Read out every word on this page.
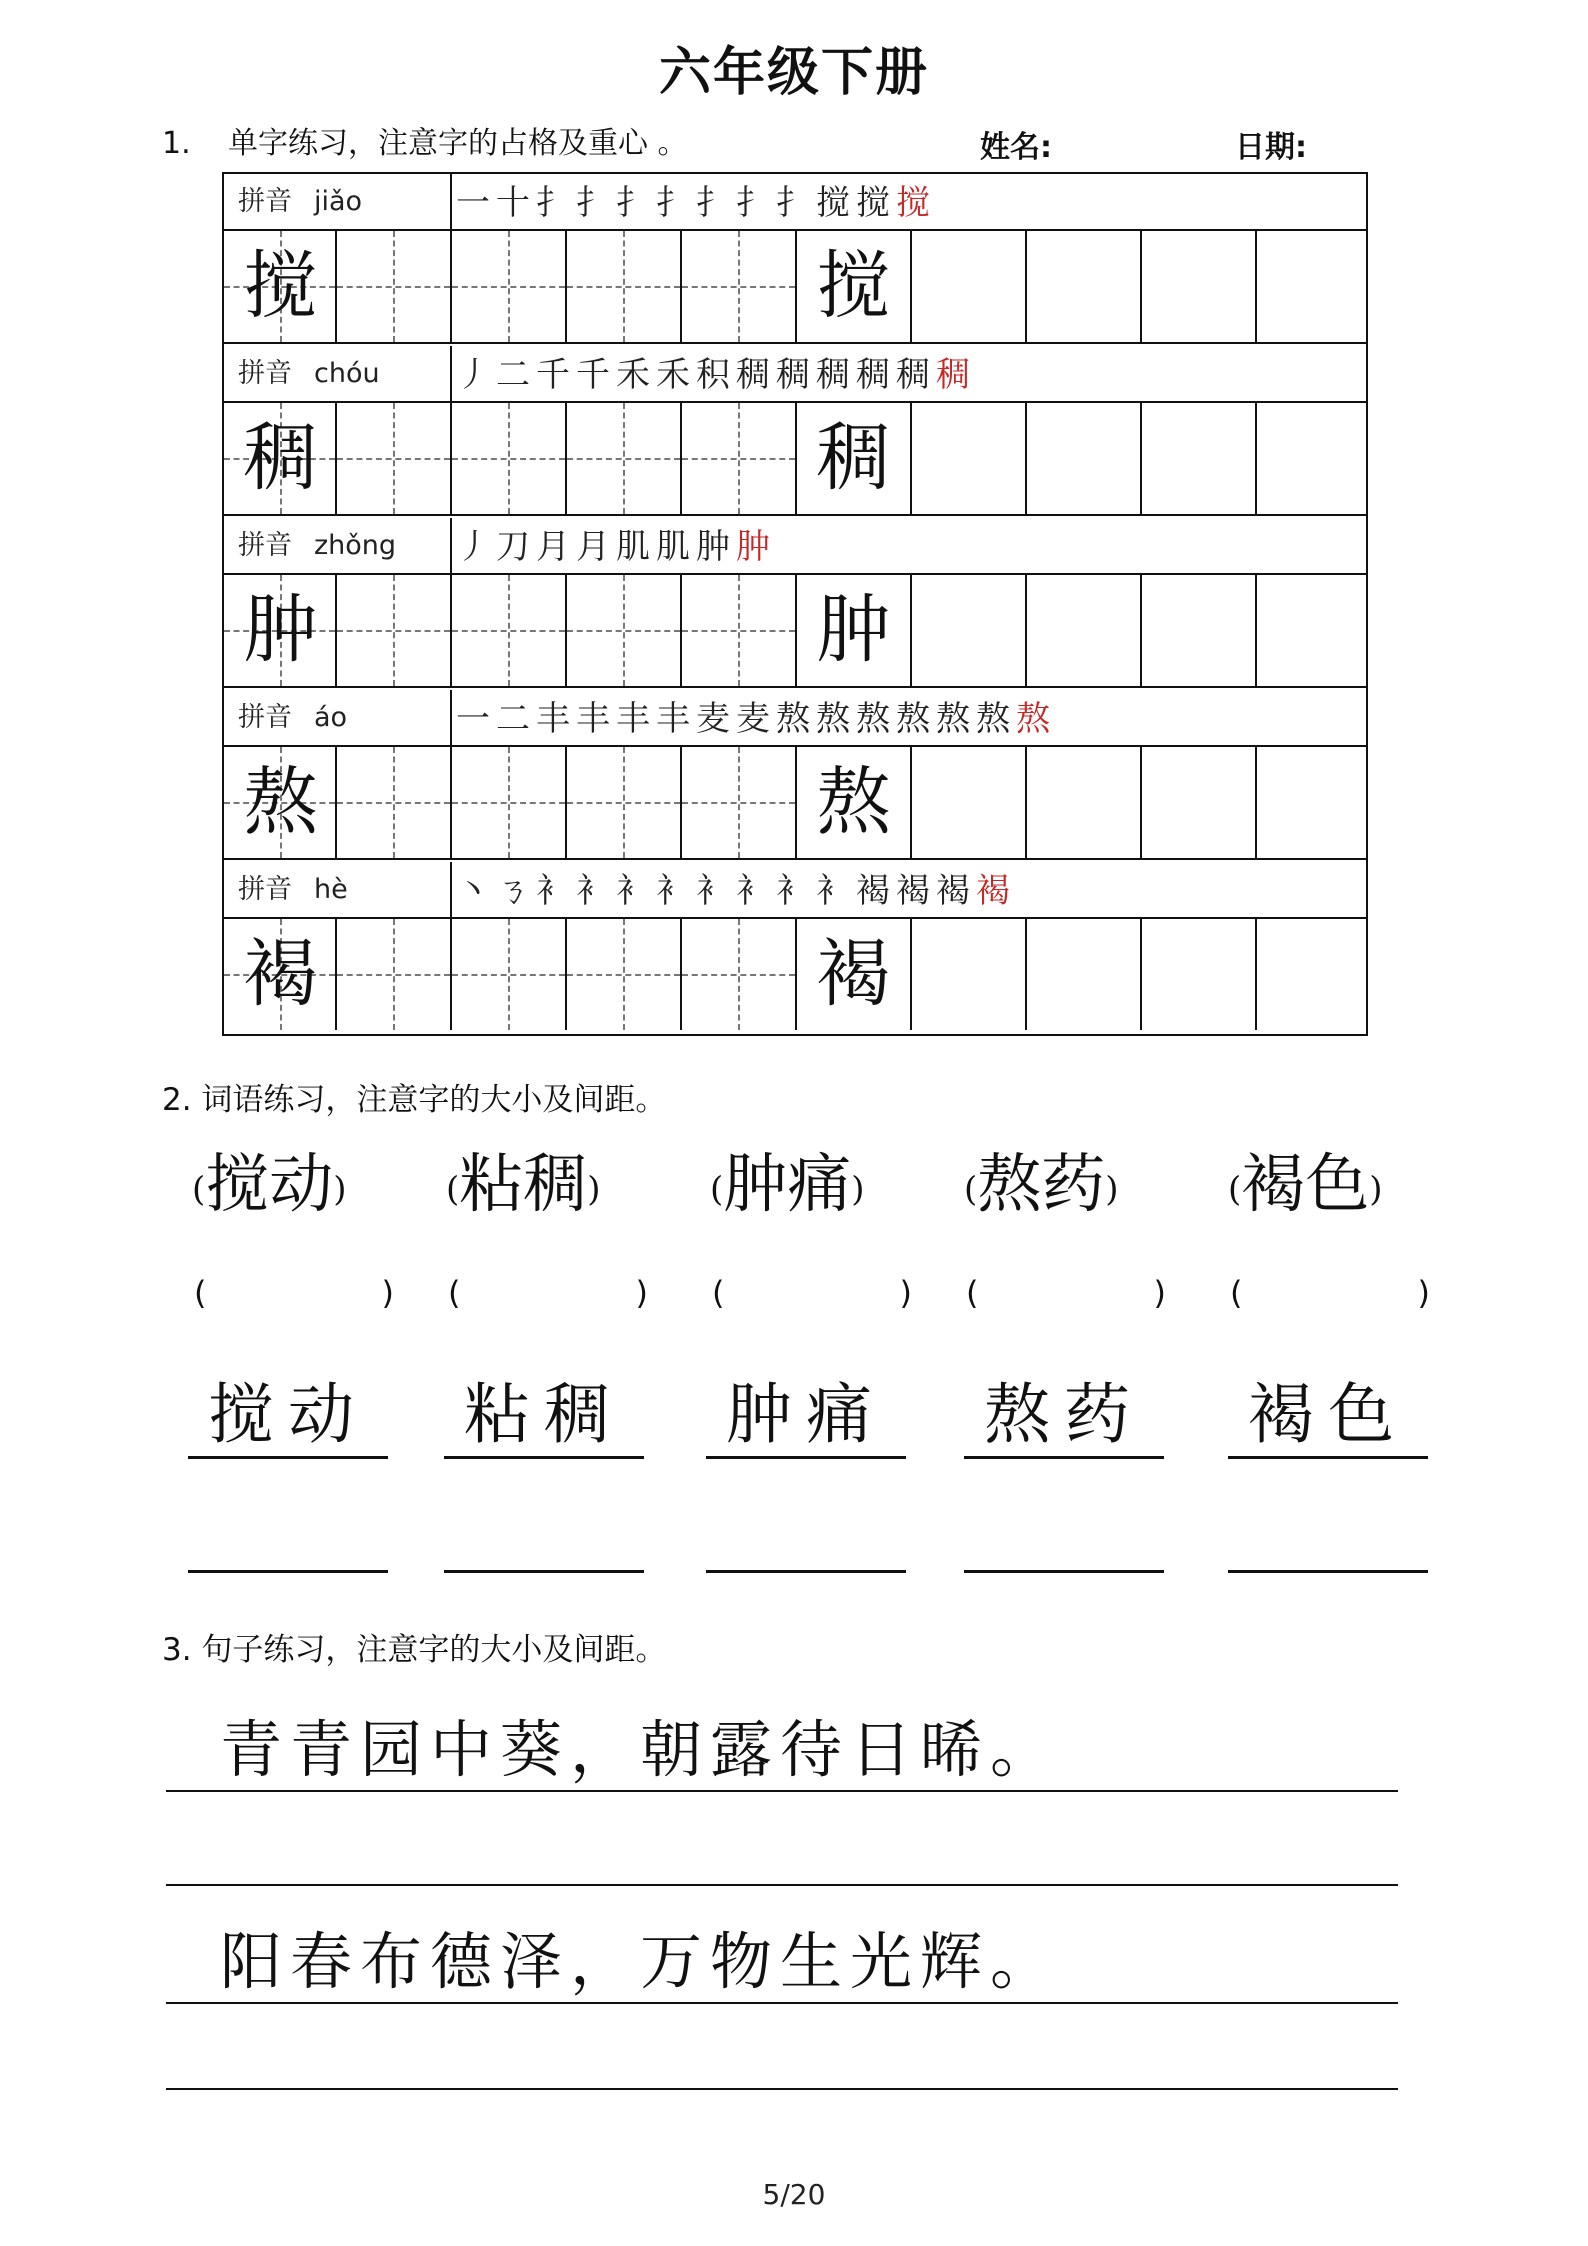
六年级下册
1. 单字练习，注意字的占格及重心 。	姓名:	日期:
拼音 jiǎo	一十扌扌扌扌扌扌扌搅搅搅
搅	搅
拼音 chóu	丿二千千禾禾积稠稠稠稠稠稠
稠	稠
拼音 zhǒng	丿刀月月肌肌肿肿
肿	肿
拼音 áo	一二丰丰丰丰麦麦熬熬熬熬熬熬熬
熬	熬
拼音 hè	丶ㄋ衤衤衤衤衤衤衤衤褐褐褐褐
褐	褐
2. 词语练习，注意字的大小及间距。
(搅动)
(	)
搅动
(粘稠)
(	)
粘稠
(肿痛)
(	)
肿痛
(熬药)
(	)
熬药
(褐色)
(	)
褐色
3. 句子练习，注意字的大小及间距。
青青园中葵，朝露待日晞。
阳春布德泽，万物生光辉。
5/20
